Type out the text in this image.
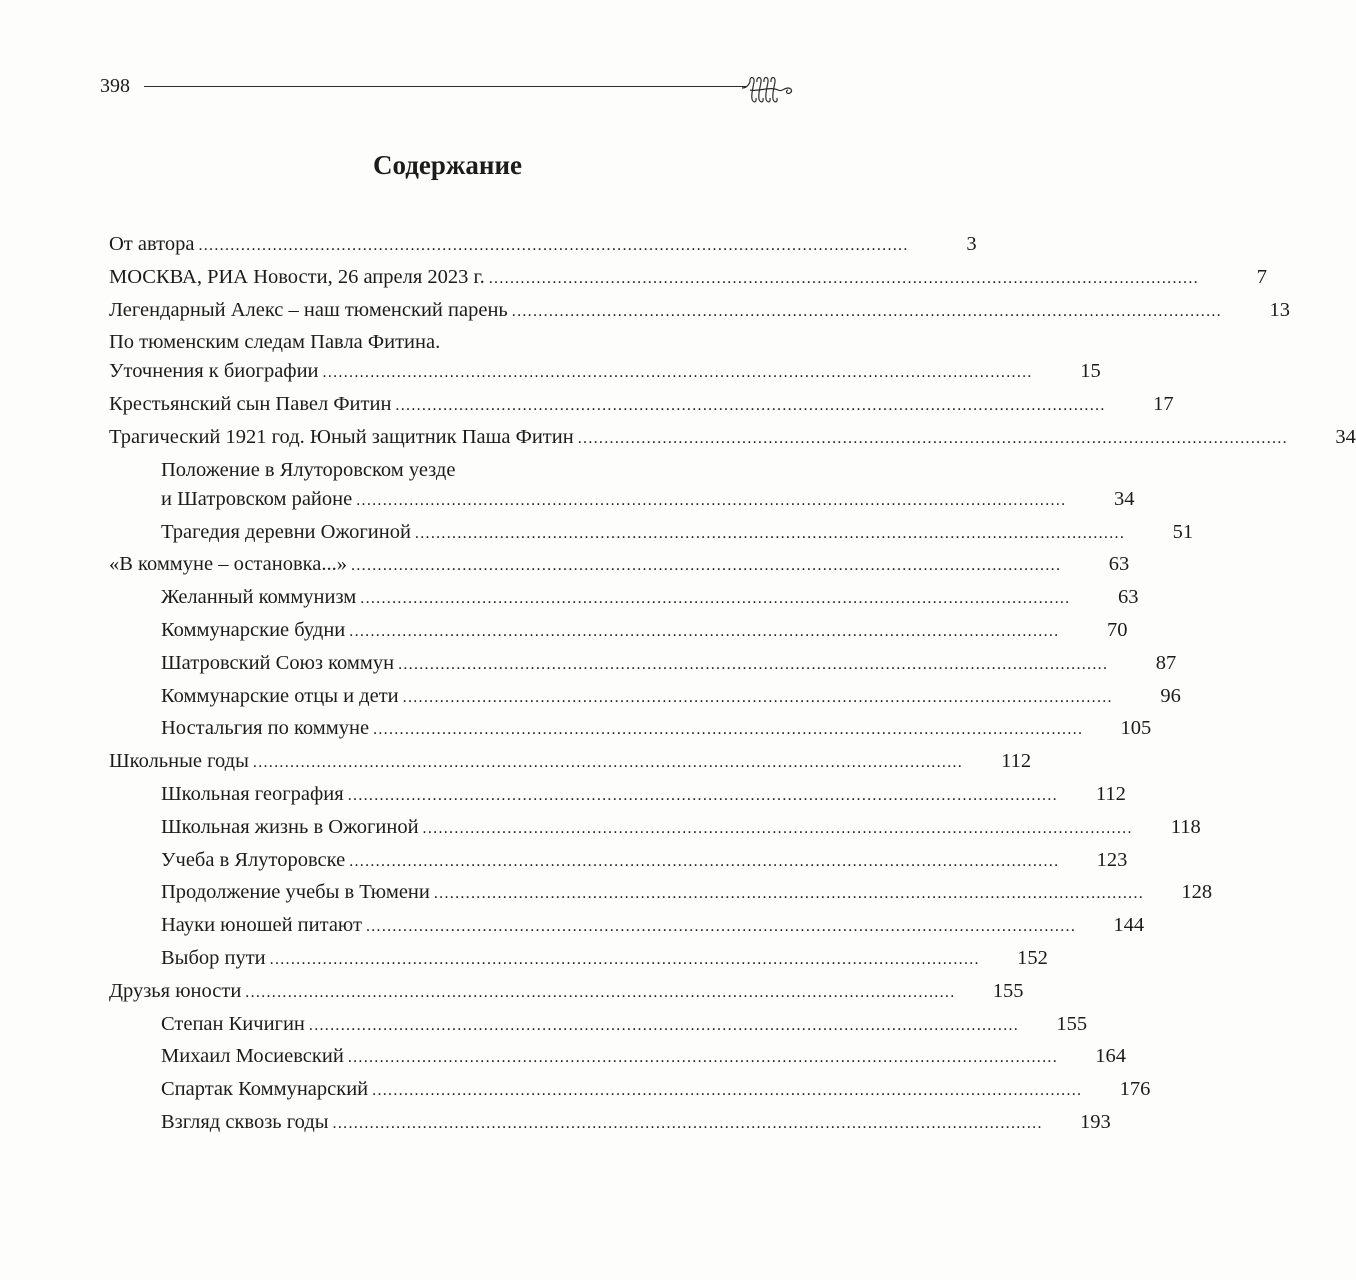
398
Содержание
От автора ......................................................................................................................................	3
МОСКВА, РИА Новости, 26 апреля 2023 г. ......................................................................................................................................	7
Легендарный Алекс – наш тюменский парень ......................................................................................................................................	13
По тюменским следам Павла Фитина.
Уточнения к биографии ......................................................................................................................................	15
Крестьянский сын Павел Фитин ......................................................................................................................................	17
Трагический 1921 год. Юный защитник Паша Фитин ......................................................................................................................................	34
Положение в Ялуторовском уезде
и Шатровском районе ......................................................................................................................................	34
Трагедия деревни Ожогиной ......................................................................................................................................	51
«В коммуне – остановка...» ......................................................................................................................................	63
Желанный коммунизм ......................................................................................................................................	63
Коммунарские будни ......................................................................................................................................	70
Шатровский Союз коммун ......................................................................................................................................	87
Коммунарские отцы и дети ......................................................................................................................................	96
Ностальгия по коммуне ......................................................................................................................................	105
Школьные годы ......................................................................................................................................	112
Школьная география ......................................................................................................................................	112
Школьная жизнь в Ожогиной ......................................................................................................................................	118
Учеба в Ялуторовске ......................................................................................................................................	123
Продолжение учебы в Тюмени ......................................................................................................................................	128
Науки юношей питают ......................................................................................................................................	144
Выбор пути ......................................................................................................................................	152
Друзья юности ......................................................................................................................................	155
Степан Кичигин ......................................................................................................................................	155
Михаил Мосиевский ......................................................................................................................................	164
Спартак Коммунарский ......................................................................................................................................	176
Взгляд сквозь годы ......................................................................................................................................	193
